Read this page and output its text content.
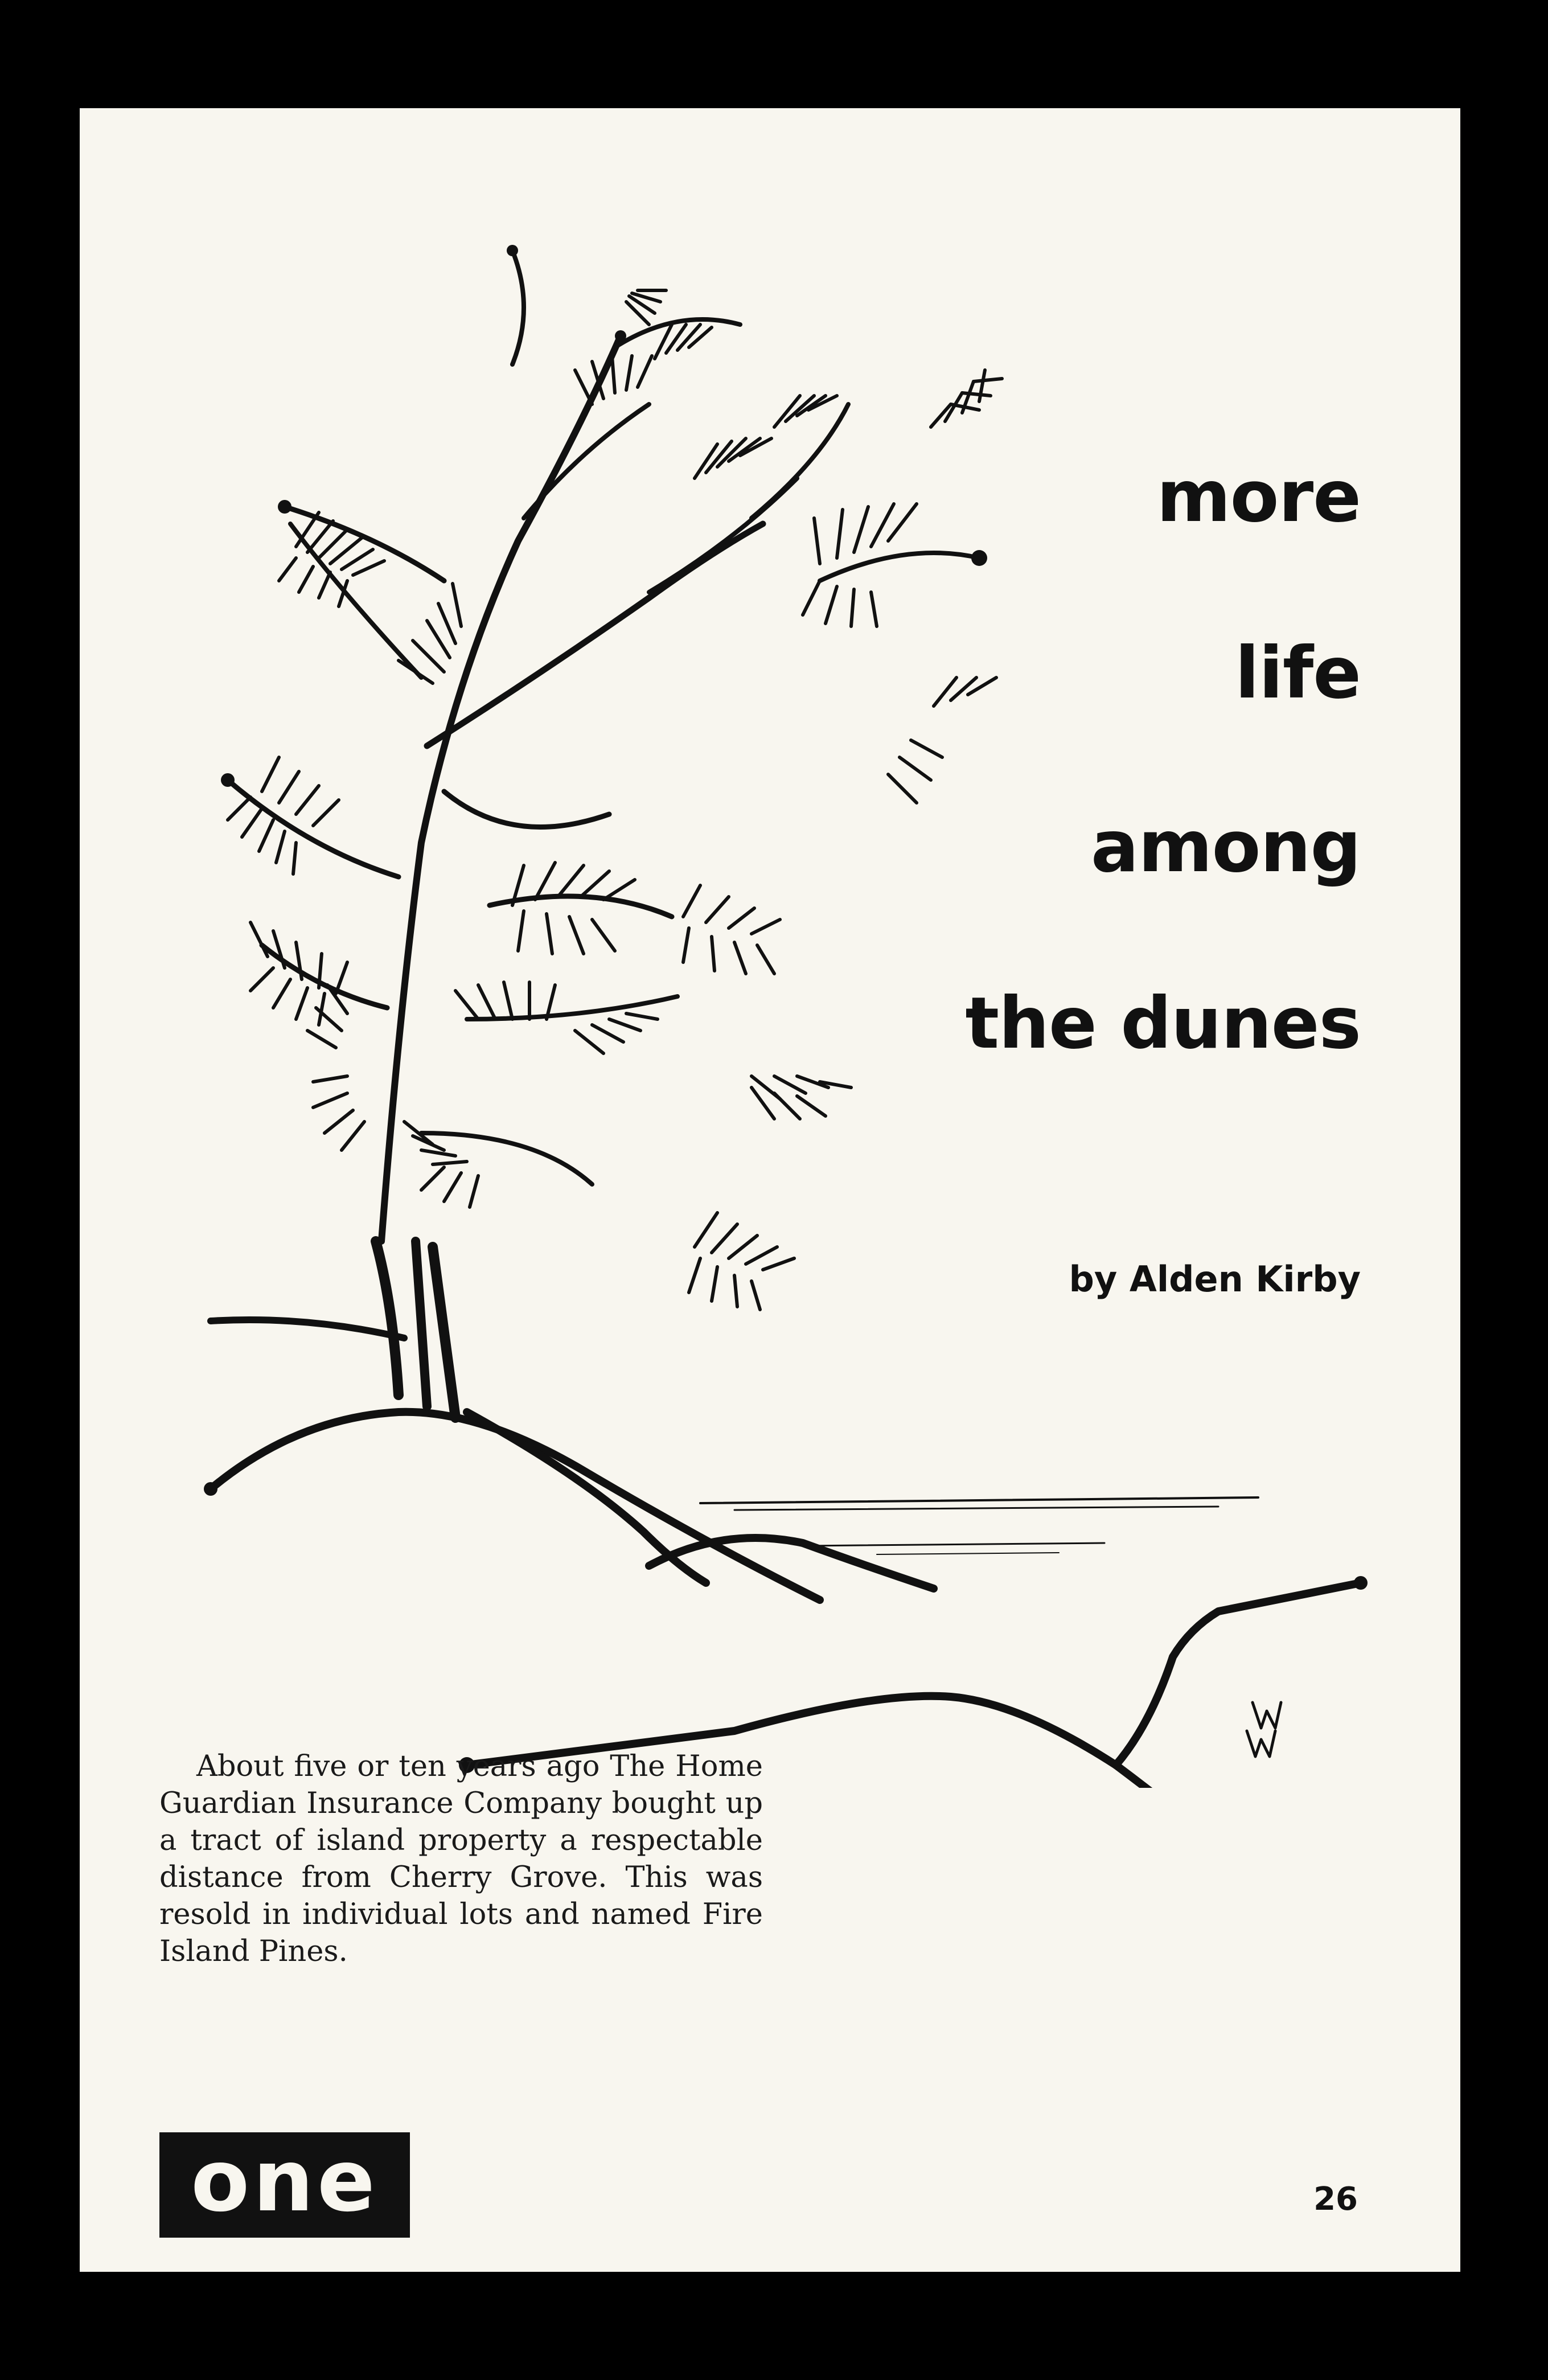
more
life
among
the dunes
by Alden Kirby

About five or ten years ago The Home Guardian Insurance Company bought up a tract of island property a respectable distance from Cherry Grove. This was resold in individual lots and named Fire Island Pines.

one	26
